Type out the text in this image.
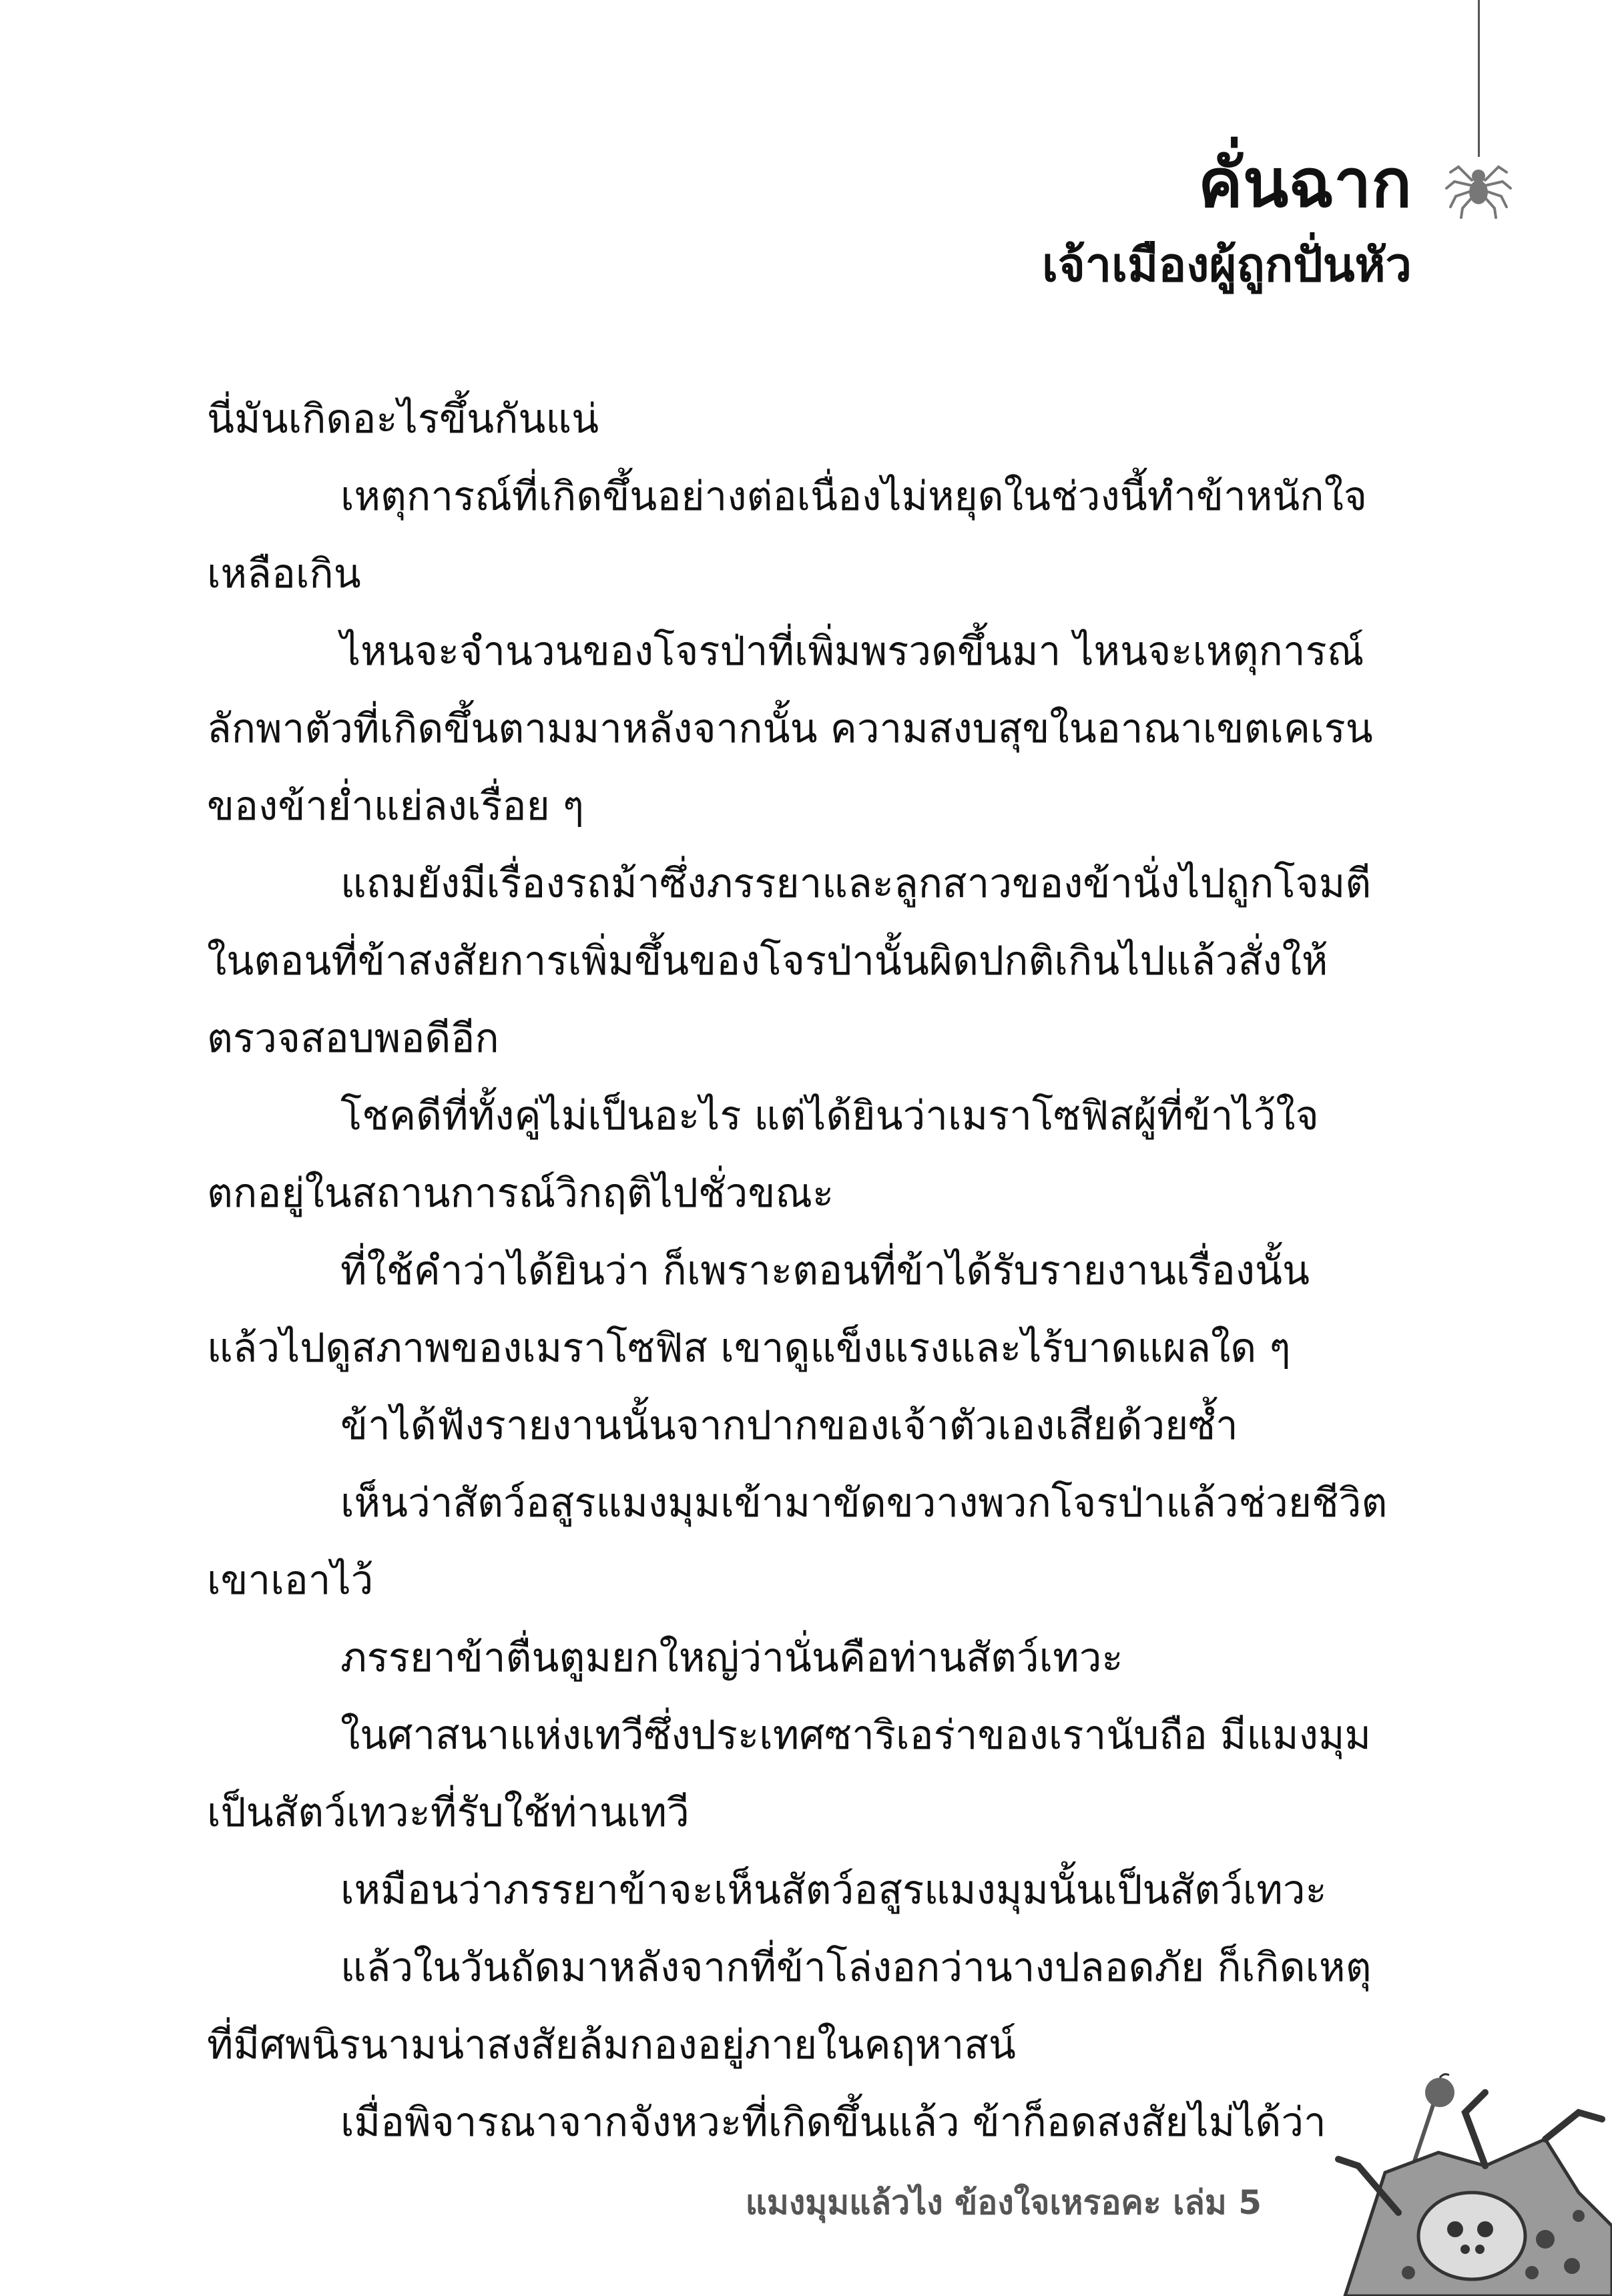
คั่นฉาก
เจ้าเมืองผู้ถูกปั่นหัว
นี่มันเกิดอะไรขึ้นกันแน่
เหตุการณ์ที่เกิดขึ้นอย่างต่อเนื่องไม่หยุดในช่วงนี้ทำข้าหนักใจ
เหลือเกิน
ไหนจะจำนวนของโจรป่าที่เพิ่มพรวดขึ้นมา ไหนจะเหตุการณ์
ลักพาตัวที่เกิดขึ้นตามมาหลังจากนั้น ความสงบสุขในอาณาเขตเคเรน
ของข้าย่ำแย่ลงเรื่อย ๆ
แถมยังมีเรื่องรถม้าซึ่งภรรยาและลูกสาวของข้านั่งไปถูกโจมตี
ในตอนที่ข้าสงสัยการเพิ่มขึ้นของโจรป่านั้นผิดปกติเกินไปแล้วสั่งให้
ตรวจสอบพอดีอีก
โชคดีที่ทั้งคู่ไม่เป็นอะไร แต่ได้ยินว่าเมราโซฟิสผู้ที่ข้าไว้ใจ
ตกอยู่ในสถานการณ์วิกฤติไปชั่วขณะ
ที่ใช้คำว่าได้ยินว่า ก็เพราะตอนที่ข้าได้รับรายงานเรื่องนั้น
แล้วไปดูสภาพของเมราโซฟิส เขาดูแข็งแรงและไร้บาดแผลใด ๆ
ข้าได้ฟังรายงานนั้นจากปากของเจ้าตัวเองเสียด้วยซ้ำ
เห็นว่าสัตว์อสูรแมงมุมเข้ามาขัดขวางพวกโจรป่าแล้วช่วยชีวิต
เขาเอาไว้
ภรรยาข้าตื่นตูมยกใหญ่ว่านั่นคือท่านสัตว์เทวะ
ในศาสนาแห่งเทวีซึ่งประเทศซาริเอร่าของเรานับถือ มีแมงมุม
เป็นสัตว์เทวะที่รับใช้ท่านเทวี
เหมือนว่าภรรยาข้าจะเห็นสัตว์อสูรแมงมุมนั้นเป็นสัตว์เทวะ
แล้วในวันถัดมาหลังจากที่ข้าโล่งอกว่านางปลอดภัย ก็เกิดเหตุ
ที่มีศพนิรนามน่าสงสัยล้มกองอยู่ภายในคฤหาสน์
เมื่อพิจารณาจากจังหวะที่เกิดขึ้นแล้ว ข้าก็อดสงสัยไม่ได้ว่า
แมงมุมแล้วไง ข้องใจเหรอคะ เล่ม 5
